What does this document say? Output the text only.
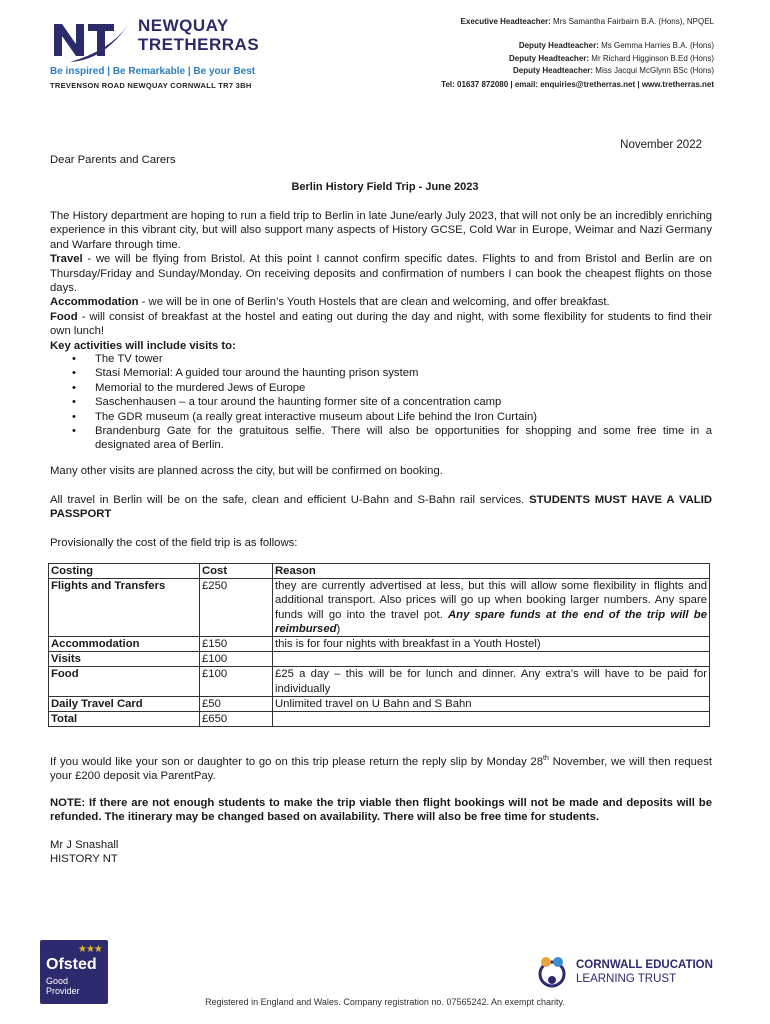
NEWQUAY
TRETHERRAS
Be inspired | Be Remarkable | Be your Best
TREVENSON ROAD NEWQUAY CORNWALL TR7 3BH
Executive Headteacher: Mrs Samantha Fairbairn B.A. (Hons), NPQEL
Deputy Headteacher: Ms Gemma Harries B.A. (Hons)
Deputy Headteacher: Mr Richard Higginson B.Ed (Hons)
Deputy Headteacher: Miss Jacqui McGlynn BSc (Hons)
Tel: 01637 872080 | email: enquiries@tretherras.net | www.tretherras.net
November 2022
Dear Parents and Carers
Berlin History Field Trip - June 2023
The History department are hoping to run a field trip to Berlin in late June/early July 2023, that will not only be an incredibly enriching experience in this vibrant city, but will also support many aspects of History GCSE, Cold War in Europe, Weimar and Nazi Germany and Warfare through time.
Travel - we will be flying from Bristol. At this point I cannot confirm specific dates. Flights to and from Bristol and Berlin are on Thursday/Friday and Sunday/Monday. On receiving deposits and confirmation of numbers I can book the cheapest flights on those days.
Accommodation - we will be in one of Berlin’s Youth Hostels that are clean and welcoming, and offer breakfast.
Food - will consist of breakfast at the hostel and eating out during the day and night, with some flexibility for students to find their own lunch!
Key activities will include visits to:
• The TV tower
• Stasi Memorial: A guided tour around the haunting prison system
• Memorial to the murdered Jews of Europe
• Saschenhausen – a tour around the haunting former site of a concentration camp
• The GDR museum (a really great interactive museum about Life behind the Iron Curtain)
• Brandenburg Gate for the gratuitous selfie. There will also be opportunities for shopping and some free time in a designated area of Berlin.
Many other visits are planned across the city, but will be confirmed on booking.
All travel in Berlin will be on the safe, clean and efficient U-Bahn and S-Bahn rail services. STUDENTS MUST HAVE A VALID PASSPORT
Provisionally the cost of the field trip is as follows:
Costing	Cost	Reason
Flights and Transfers	£250	they are currently advertised at less, but this will allow some flexibility in flights and additional transport. Also prices will go up when booking larger numbers. Any spare funds will go into the travel pot. Any spare funds at the end of the trip will be reimbursed)
Accommodation	£150	this is for four nights with breakfast in a Youth Hostel)
Visits	£100	
Food	£100	£25 a day – this will be for lunch and dinner. Any extra’s will have to be paid for individually
Daily Travel Card	£50	Unlimited travel on U Bahn and S Bahn
Total	£650	
If you would like your son or daughter to go on this trip please return the reply slip by Monday 28th November, we will then request your £200 deposit via ParentPay.
NOTE: If there are not enough students to make the trip viable then flight bookings will not be made and deposits will be refunded. The itinerary may be changed based on availability. There will also be free time for students.
Mr J Snashall
HISTORY NT
★★★
Ofsted
Good
Provider
CORNWALL EDUCATION
LEARNING TRUST
Registered in England and Wales. Company registration no. 07565242. An exempt charity.
